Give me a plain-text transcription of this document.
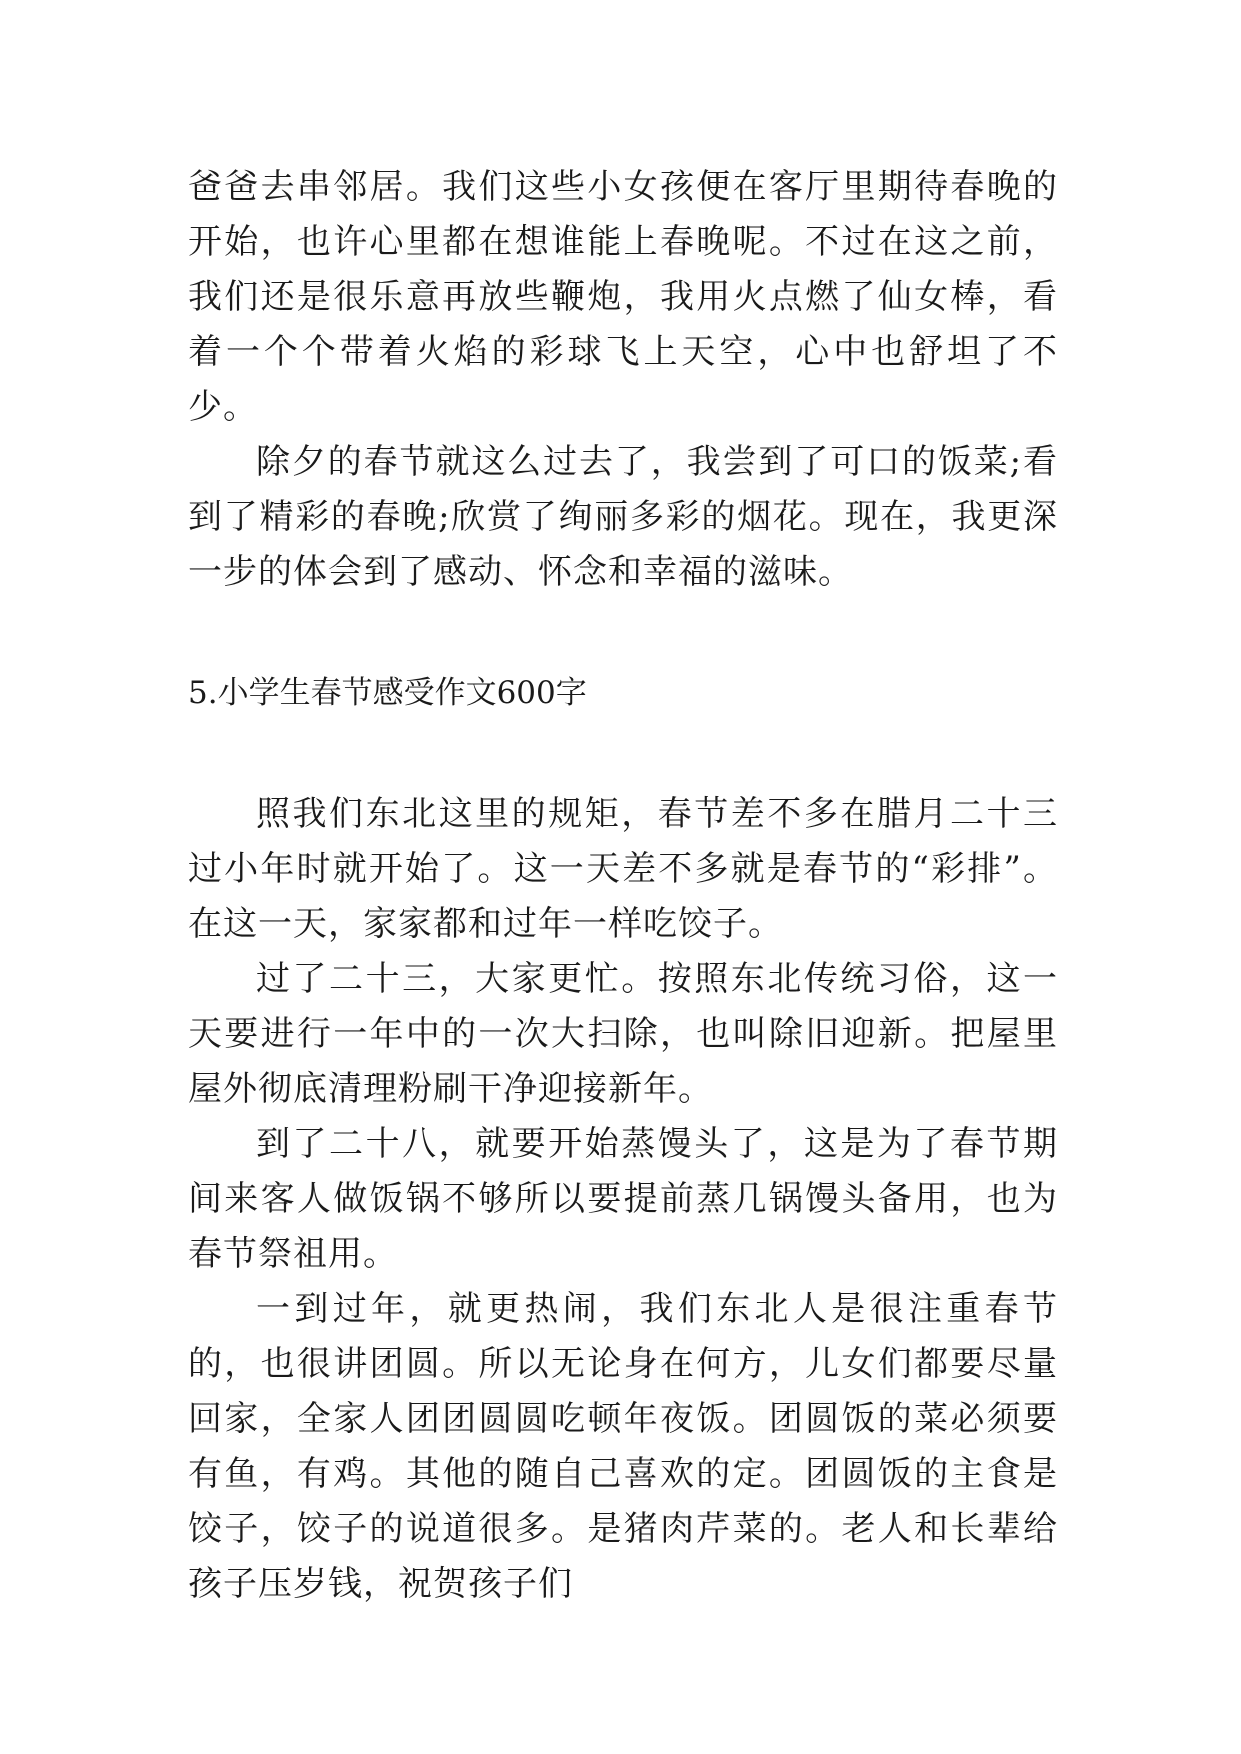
爸爸去串邻居。我们这些小女孩便在客厅里期待春晚的开始，也许心里都在想谁能上春晚呢。不过在这之前，我们还是很乐意再放些鞭炮，我用火点燃了仙女棒，看着一个个带着火焰的彩球飞上天空，心中也舒坦了不少。

除夕的春节就这么过去了，我尝到了可口的饭菜;看到了精彩的春晚;欣赏了绚丽多彩的烟花。现在，我更深一步的体会到了感动、怀念和幸福的滋味。

5.小学生春节感受作文600字

照我们东北这里的规矩，春节差不多在腊月二十三过小年时就开始了。这一天差不多就是春节的“彩排”。在这一天，家家都和过年一样吃饺子。

过了二十三，大家更忙。按照东北传统习俗，这一天要进行一年中的一次大扫除，也叫除旧迎新。把屋里屋外彻底清理粉刷干净迎接新年。

到了二十八，就要开始蒸馒头了，这是为了春节期间来客人做饭锅不够所以要提前蒸几锅馒头备用，也为春节祭祖用。

一到过年，就更热闹，我们东北人是很注重春节的，也很讲团圆。所以无论身在何方，儿女们都要尽量回家，全家人团团圆圆吃顿年夜饭。团圆饭的菜必须要有鱼，有鸡。其他的随自己喜欢的定。团圆饭的主食是饺子，饺子的说道很多。是猪肉芹菜的。老人和长辈给孩子压岁钱，祝贺孩子们
